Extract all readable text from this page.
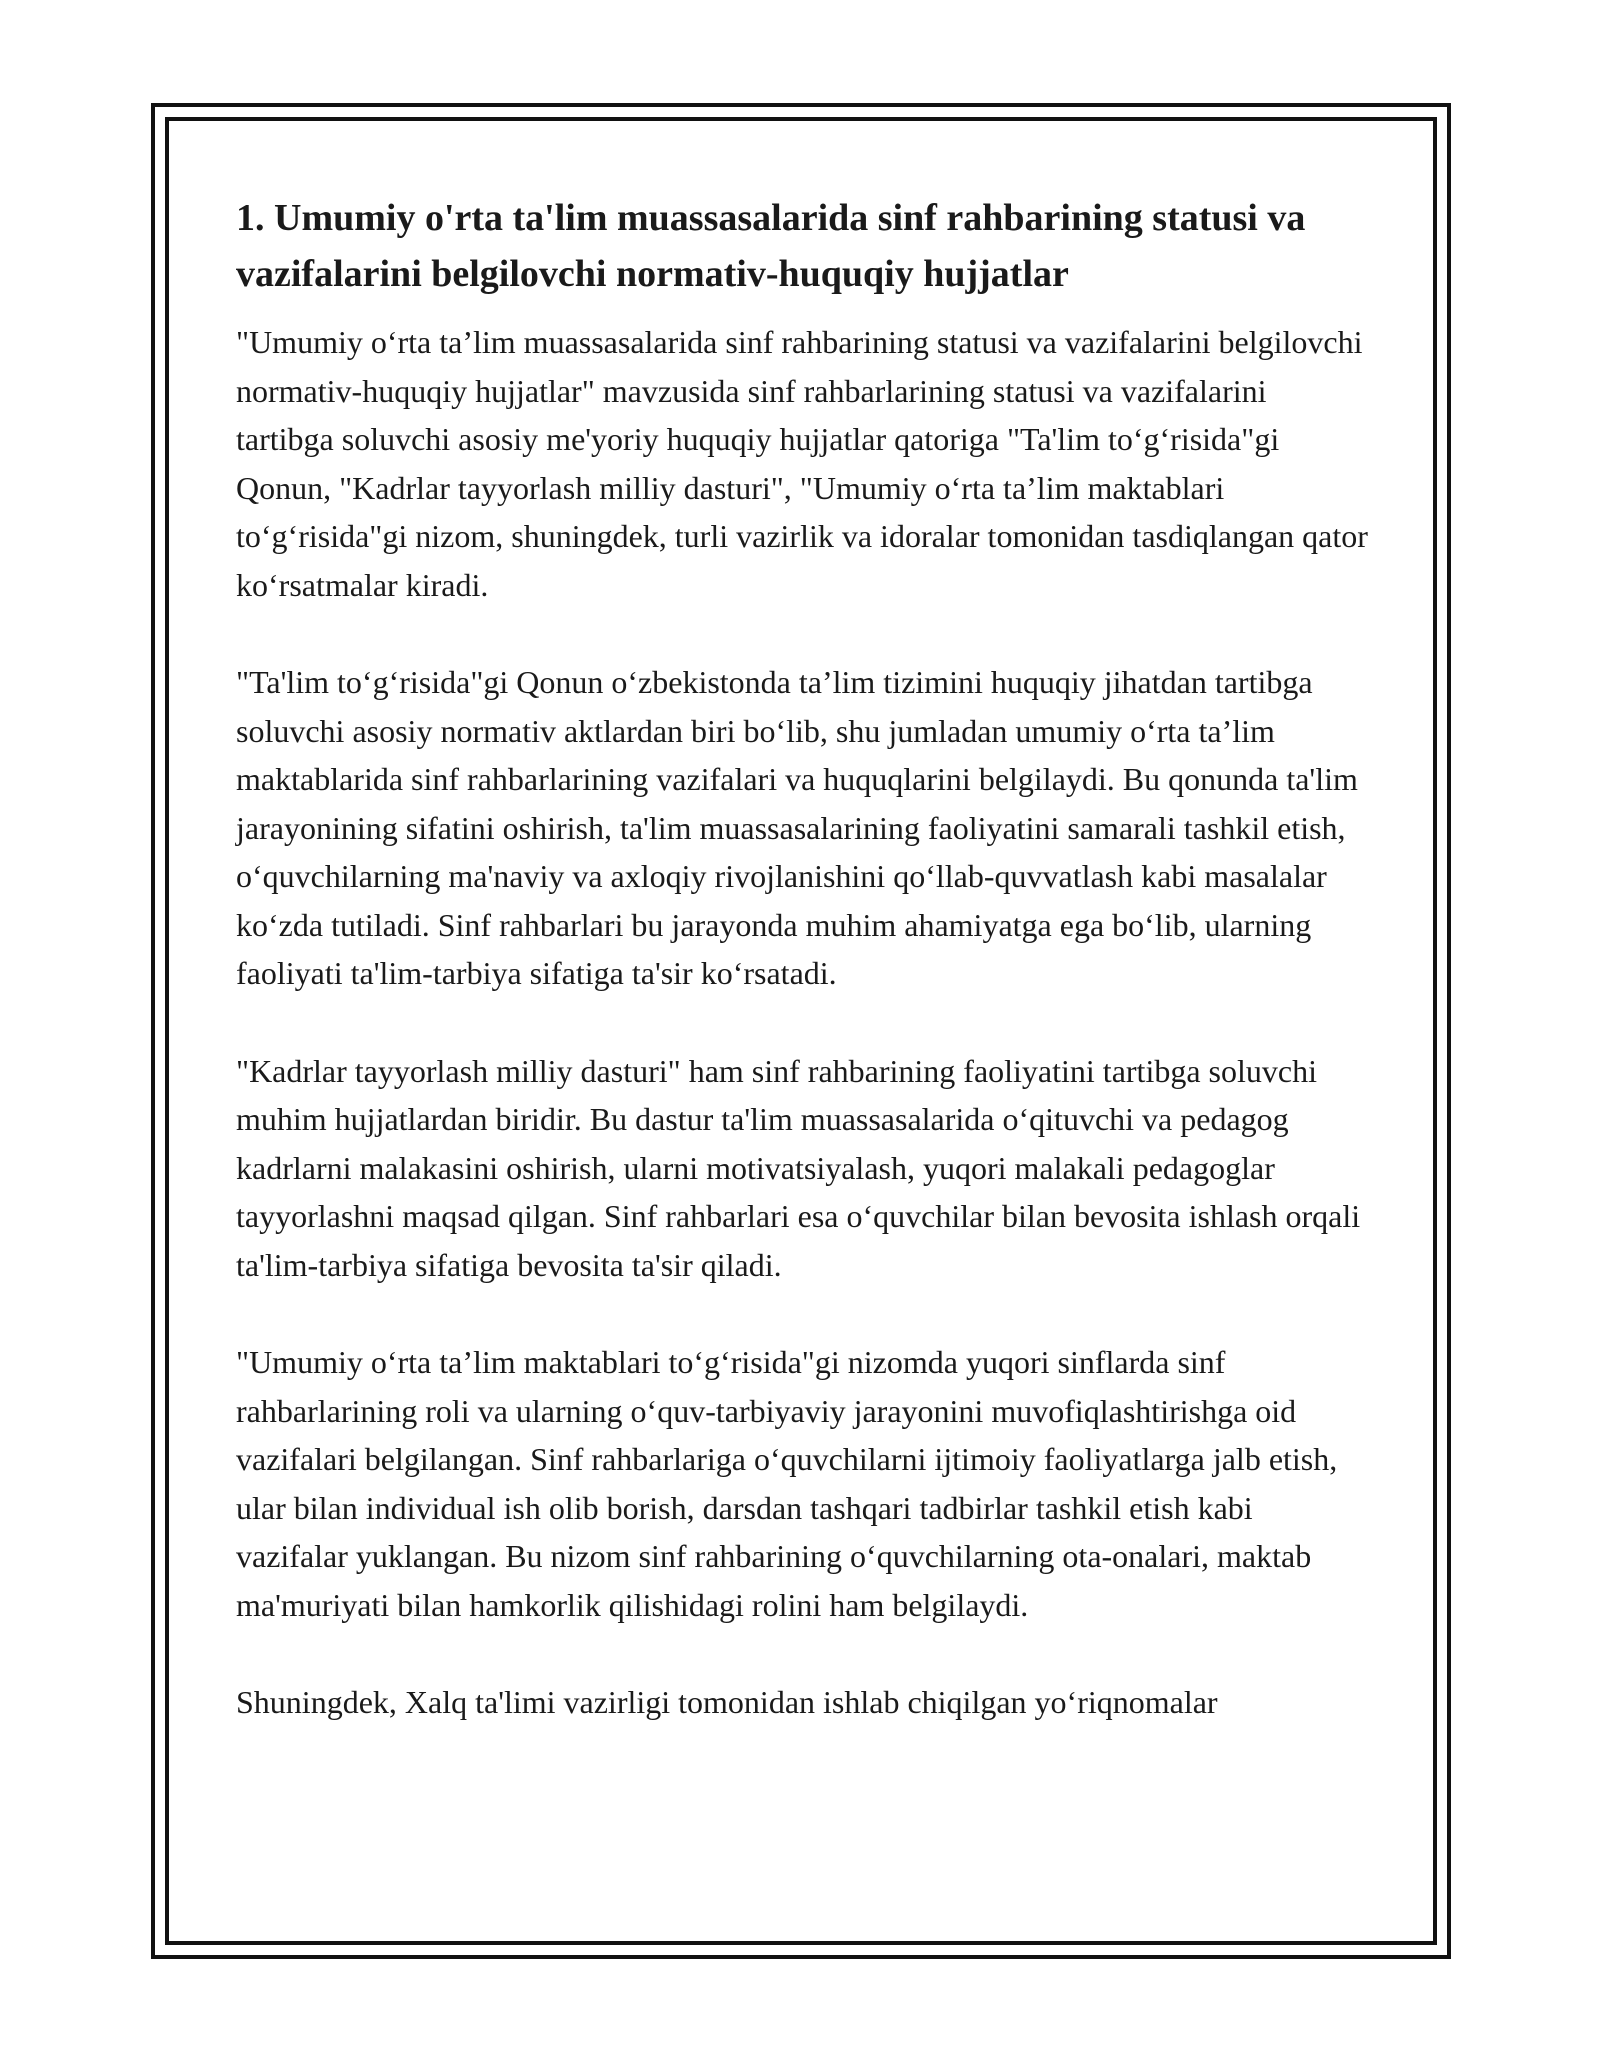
1. Umumiy o'rta ta'lim muassasalarida sinf rahbarining statusi va vazifalarini belgilovchi normativ-huquqiy hujjatlar

"Umumiy o‘rta ta’lim muassasalarida sinf rahbarining statusi va vazifalarini belgilovchi normativ-huquqiy hujjatlar" mavzusida sinf rahbarlarining statusi va vazifalarini tartibga soluvchi asosiy me'yoriy huquqiy hujjatlar qatoriga "Ta'lim to‘g‘risida"gi Qonun, "Kadrlar tayyorlash milliy dasturi", "Umumiy o‘rta ta’lim maktablari to‘g‘risida"gi nizom, shuningdek, turli vazirlik va idoralar tomonidan tasdiqlangan qator ko‘rsatmalar kiradi.

"Ta'lim to‘g‘risida"gi Qonun o‘zbekistonda ta’lim tizimini huquqiy jihatdan tartibga soluvchi asosiy normativ aktlardan biri bo‘lib, shu jumladan umumiy o‘rta ta’lim maktablarida sinf rahbarlarining vazifalari va huquqlarini belgilaydi. Bu qonunda ta'lim jarayonining sifatini oshirish, ta'lim muassasalarining faoliyatini samarali tashkil etish, o‘quvchilarning ma'naviy va axloqiy rivojlanishini qo‘llab-quvvatlash kabi masalalar ko‘zda tutiladi. Sinf rahbarlari bu jarayonda muhim ahamiyatga ega bo‘lib, ularning faoliyati ta'lim-tarbiya sifatiga ta'sir ko‘rsatadi.

"Kadrlar tayyorlash milliy dasturi" ham sinf rahbarining faoliyatini tartibga soluvchi muhim hujjatlardan biridir. Bu dastur ta'lim muassasalarida o‘qituvchi va pedagog kadrlarni malakasini oshirish, ularni motivatsiyalash, yuqori malakali pedagoglar tayyorlashni maqsad qilgan. Sinf rahbarlari esa o‘quvchilar bilan bevosita ishlash orqali ta'lim-tarbiya sifatiga bevosita ta'sir qiladi.

"Umumiy o‘rta ta’lim maktablari to‘g‘risida"gi nizomda yuqori sinflarda sinf rahbarlarining roli va ularning o‘quv-tarbiyaviy jarayonini muvofiqlashtirishga oid vazifalari belgilangan. Sinf rahbarlariga o‘quvchilarni ijtimoiy faoliyatlarga jalb etish, ular bilan individual ish olib borish, darsdan tashqari tadbirlar tashkil etish kabi vazifalar yuklangan. Bu nizom sinf rahbarining o‘quvchilarning ota-onalari, maktab ma'muriyati bilan hamkorlik qilishidagi rolini ham belgilaydi.

Shuningdek, Xalq ta'limi vazirligi tomonidan ishlab chiqilgan yo‘riqnomalar
